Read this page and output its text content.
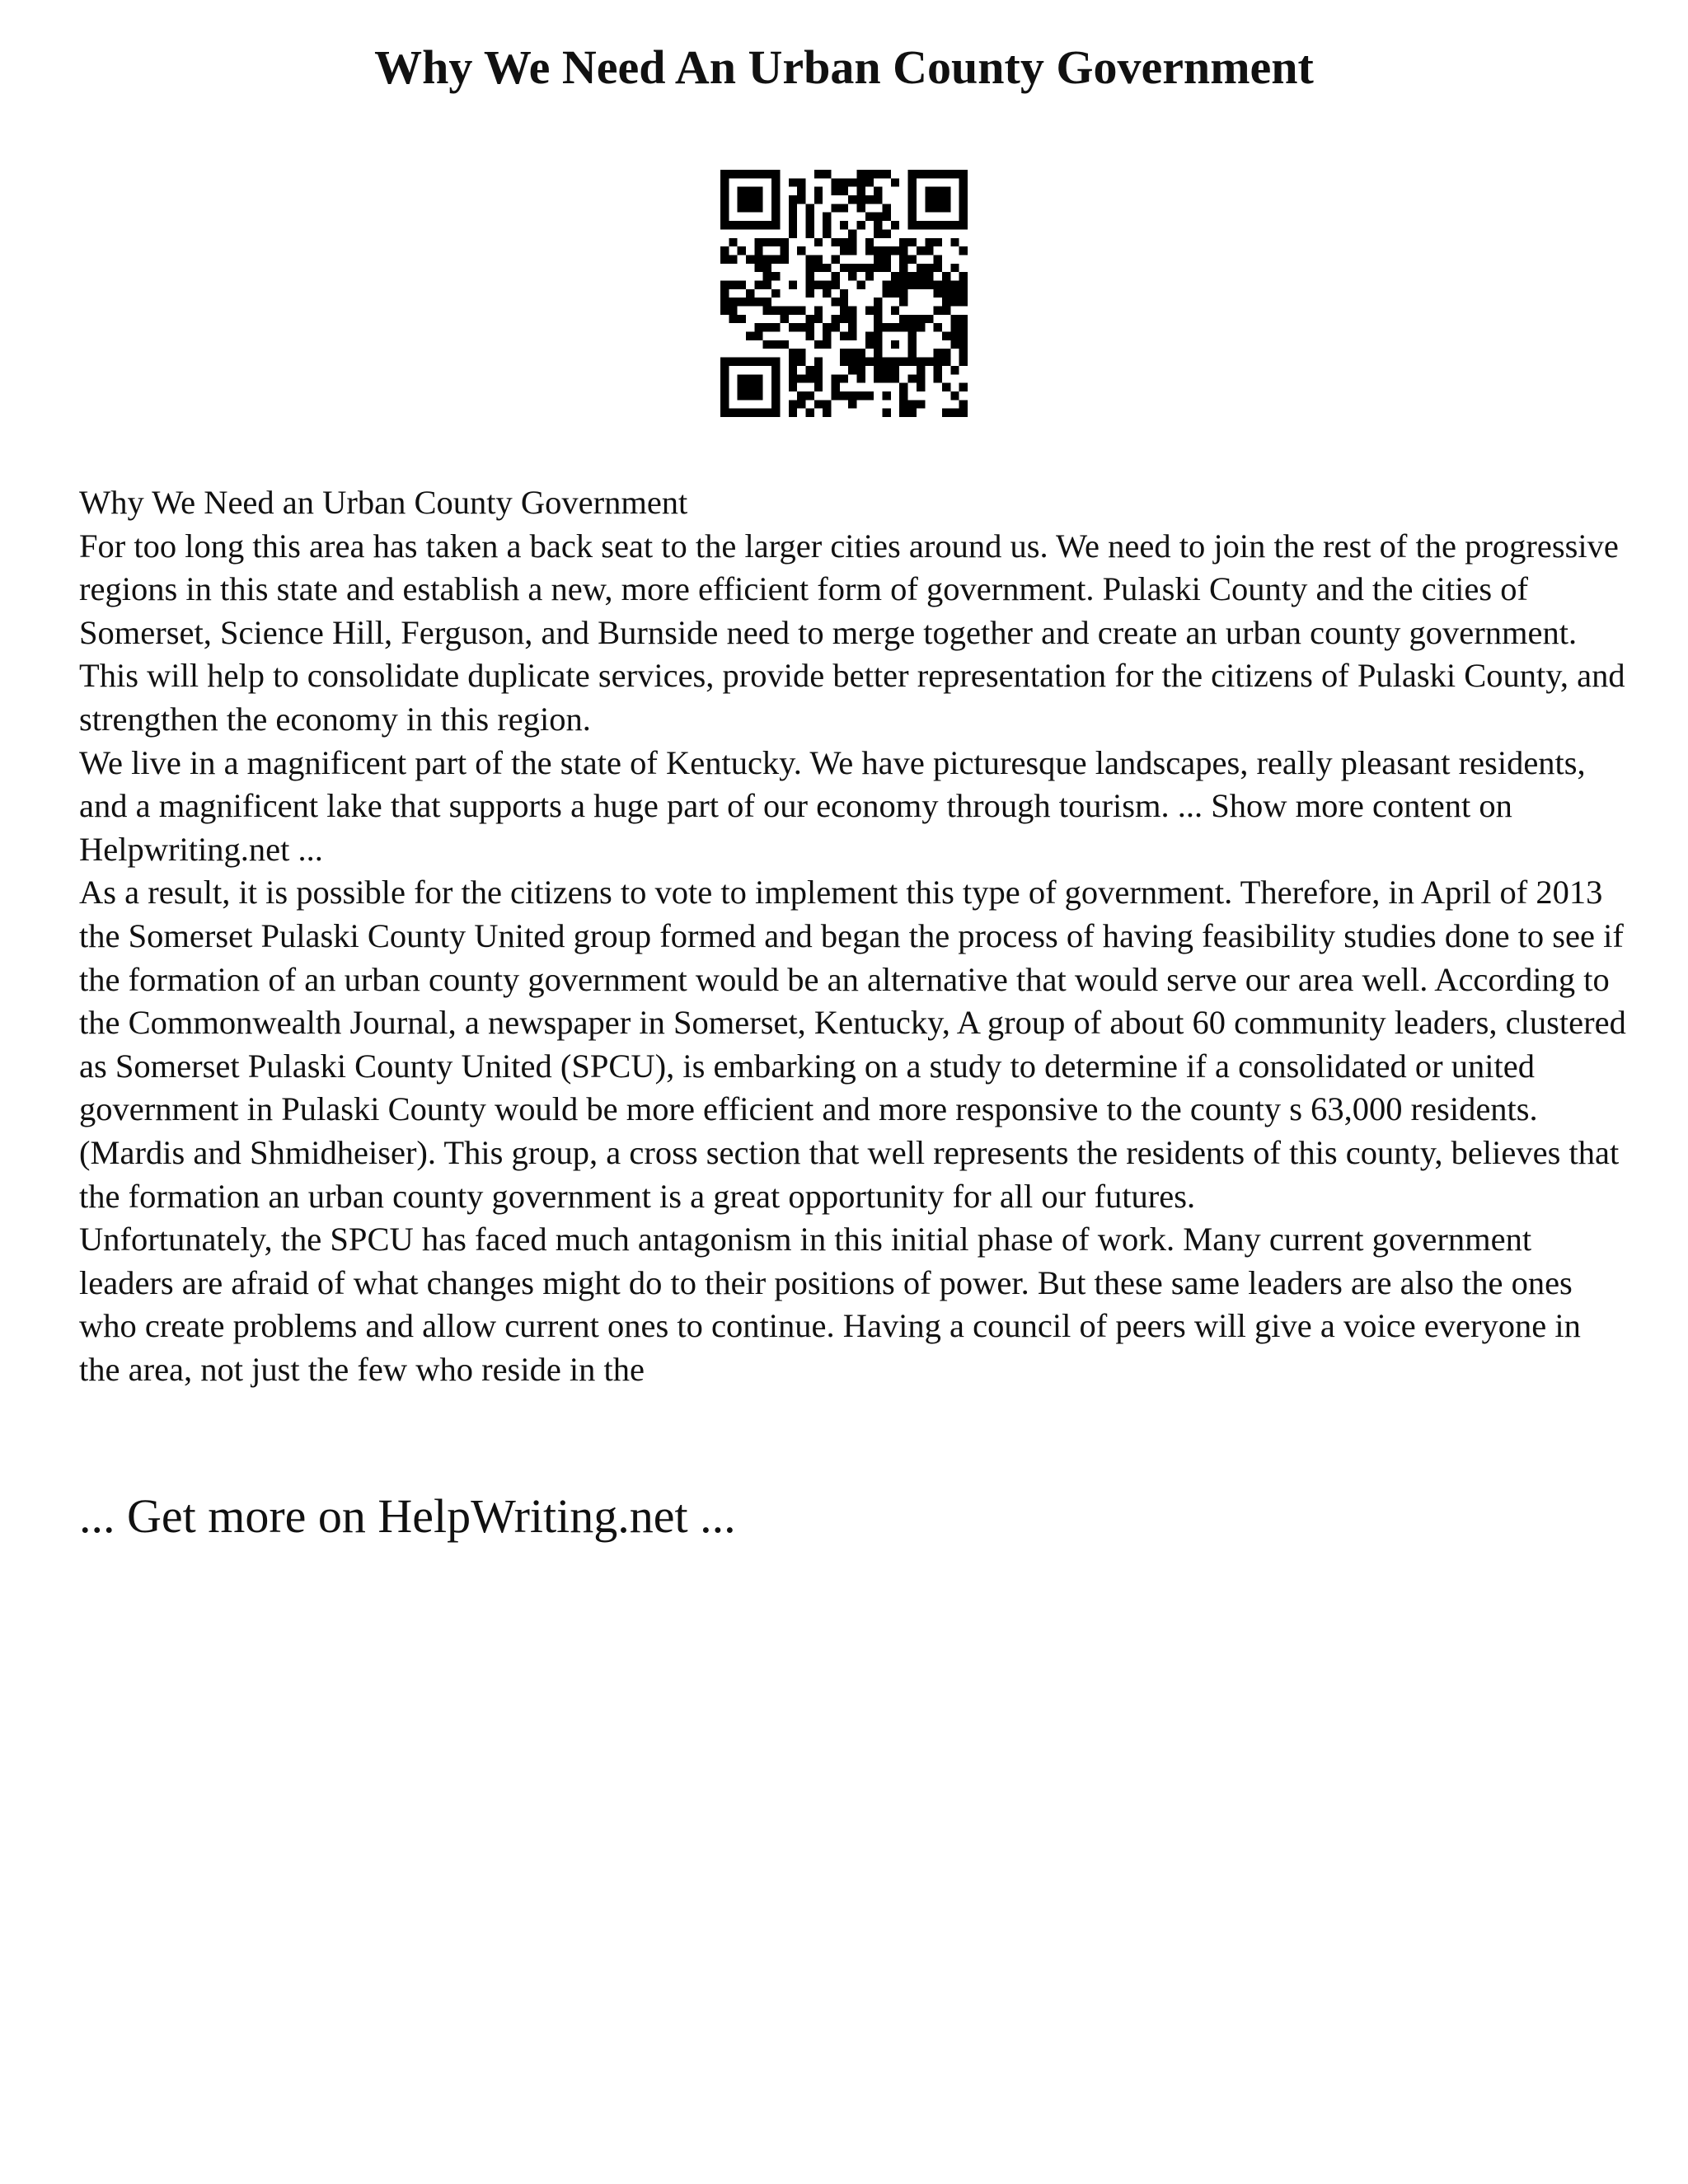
Why We Need An Urban County Government

Why We Need an Urban County Government

For too long this area has taken a back seat to the larger cities around us. We need to join the rest of the progressive regions in this state and establish a new, more efficient form of government. Pulaski County and the cities of Somerset, Science Hill, Ferguson, and Burnside need to merge together and create an urban county government. This will help to consolidate duplicate services, provide better representation for the citizens of Pulaski County, and strengthen the economy in this region.

We live in a magnificent part of the state of Kentucky. We have picturesque landscapes, really pleasant residents, and a magnificent lake that supports a huge part of our economy through tourism. ... Show more content on Helpwriting.net ...

As a result, it is possible for the citizens to vote to implement this type of government. Therefore, in April of 2013 the Somerset Pulaski County United group formed and began the process of having feasibility studies done to see if the formation of an urban county government would be an alternative that would serve our area well. According to the Commonwealth Journal, a newspaper in Somerset, Kentucky, A group of about 60 community leaders, clustered as Somerset Pulaski County United (SPCU), is embarking on a study to determine if a consolidated or united government in Pulaski County would be more efficient and more responsive to the county s 63,000 residents. (Mardis and Shmidheiser). This group, a cross section that well represents the residents of this county, believes that the formation an urban county government is a great opportunity for all our futures.

Unfortunately, the SPCU has faced much antagonism in this initial phase of work. Many current government leaders are afraid of what changes might do to their positions of power. But these same leaders are also the ones who create problems and allow current ones to continue. Having a council of peers will give a voice everyone in the area, not just the few who reside in the

... Get more on HelpWriting.net ...
